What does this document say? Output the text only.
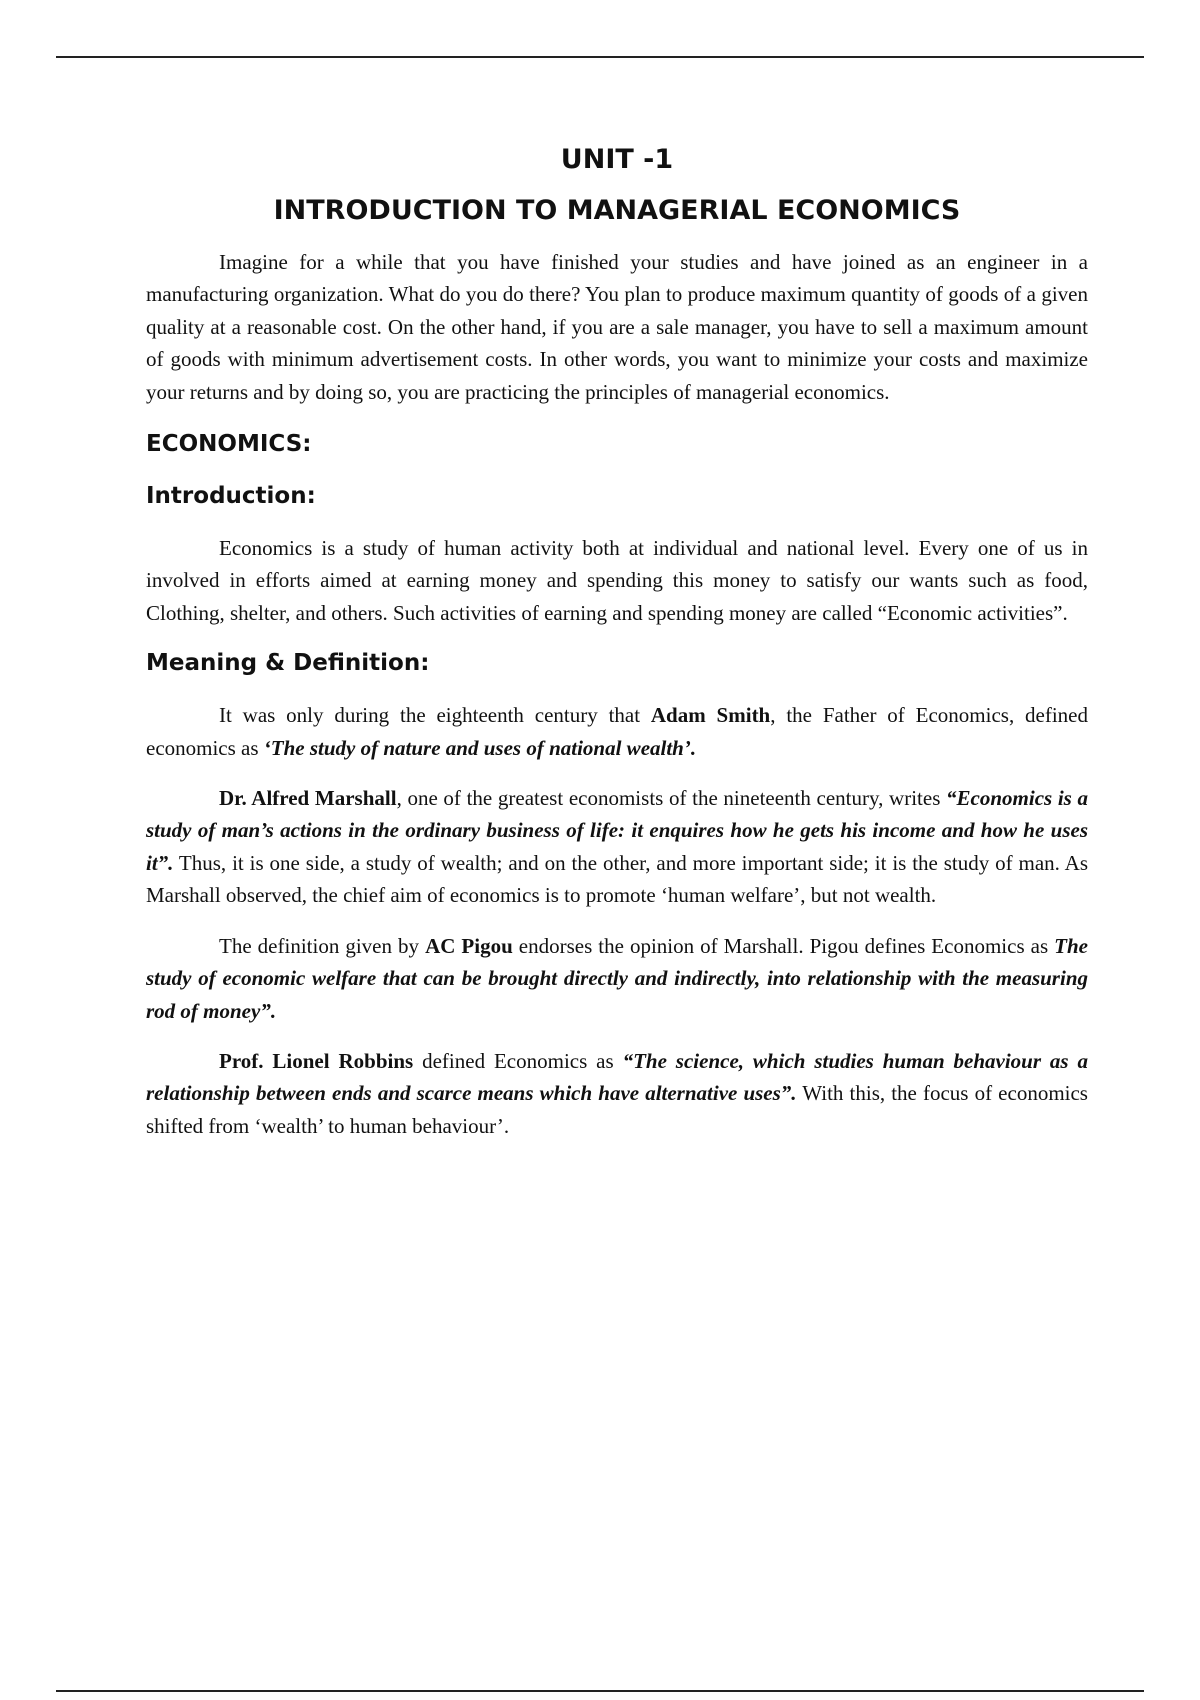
UNIT -1
INTRODUCTION TO MANAGERIAL ECONOMICS

Imagine for a while that you have finished your studies and have joined as an engineer in a manufacturing organization. What do you do there? You plan to produce maximum quantity of goods of a given quality at a reasonable cost. On the other hand, if you are a sale manager, you have to sell a maximum amount of goods with minimum advertisement costs. In other words, you want to minimize your costs and maximize your returns and by doing so, you are practicing the principles of managerial economics.

ECONOMICS:
Introduction:

Economics is a study of human activity both at individual and national level. Every one of us in involved in efforts aimed at earning money and spending this money to satisfy our wants such as food, Clothing, shelter, and others. Such activities of earning and spending money are called “Economic activities”.

Meaning & Definition:

It was only during the eighteenth century that Adam Smith, the Father of Economics, defined economics as ‘The study of nature and uses of national wealth’.

Dr. Alfred Marshall, one of the greatest economists of the nineteenth century, writes “Economics is a study of man’s actions in the ordinary business of life: it enquires how he gets his income and how he uses it”. Thus, it is one side, a study of wealth; and on the other, and more important side; it is the study of man. As Marshall observed, the chief aim of economics is to promote ‘human welfare’, but not wealth.

The definition given by AC Pigou endorses the opinion of Marshall. Pigou defines Economics as The study of economic welfare that can be brought directly and indirectly, into relationship with the measuring rod of money”.

Prof. Lionel Robbins defined Economics as “The science, which studies human behaviour as a relationship between ends and scarce means which have alternative uses”. With this, the focus of economics shifted from ‘wealth’ to human behaviour’.
